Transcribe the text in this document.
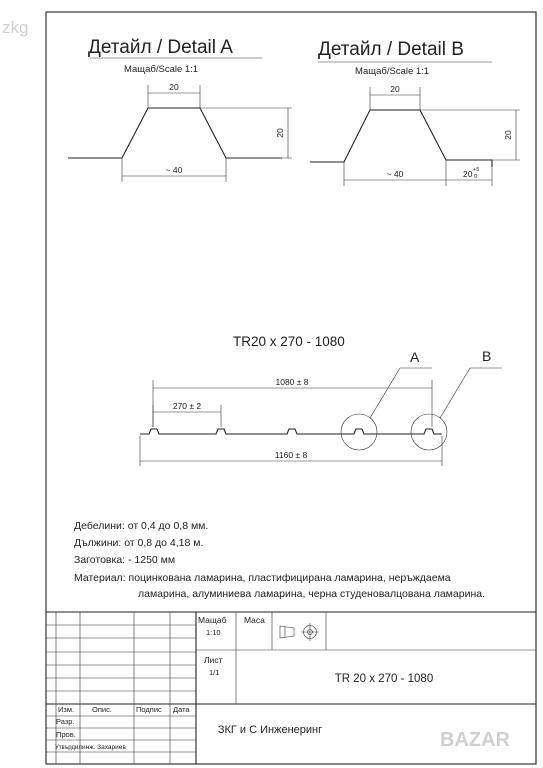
zkg
BAZAR
Детайл / Detail A
Мащаб/Scale 1:1
20
20
~ 40
Детайл / Detail B
Мащаб/Scale 1:1
20
20
~ 40	20 +5
0
TR20 x 270 - 1080
A	B
1080 ± 8
270 ± 2
1160 ± 8
Дебелини: от 0,4 до 0,8 мм.
Дължини: от 0,8 до 4,18 м.
Заготовка: - 1250 мм
Материал: поцинкована ламарина, пластифицирана ламарина, неръждаема
ламарина, алуминиева ламарина, черна студеновалцована ламарина.
Мащаб
1:10
Маса
Лист
1/1
TR 20 x 270 - 1080
Изм. Опис.	Подпис Дата
Разр.
Пров.
Утвърдил инж. Захариев
ЗКГ и С Инженеринг
